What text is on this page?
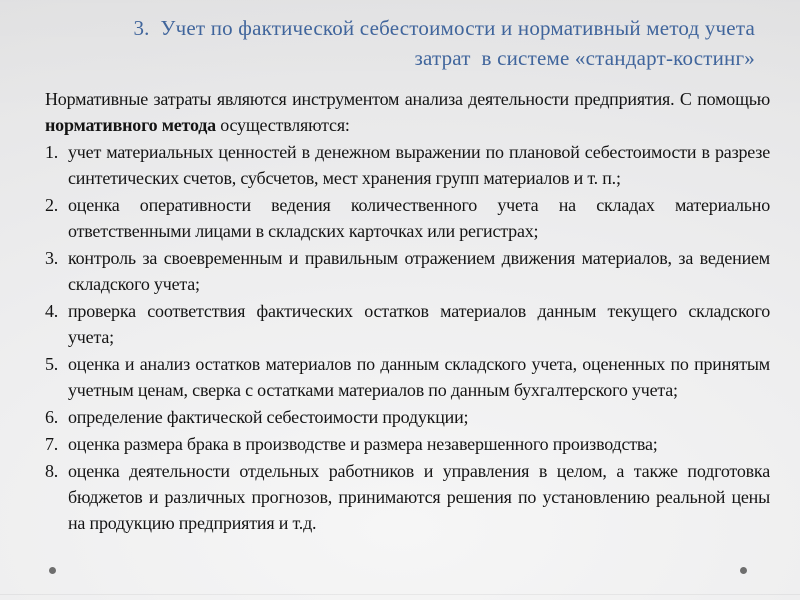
3.  Учет по фактической себестоимости и нормативный метод учета
затрат  в системе «стандарт-костинг»

Нормативные затраты являются инструментом анализа деятельности предприятия. С помощью нормативного метода осуществляются:

1. учет материальных ценностей в денежном выражении по плановой себестоимости в разрезе синтетических счетов, субсчетов, мест хранения групп материалов и т. п.;
2. оценка оперативности ведения количественного учета на складах материально ответственными лицами в складских карточках или регистрах;
3. контроль за своевременным и правильным отражением движения материалов, за ведением складского учета;
4. проверка соответствия фактических остатков материалов данным текущего складского учета;
5. оценка и анализ остатков материалов по данным складского учета, оцененных по принятым учетным ценам, сверка с остатками материалов по данным бухгалтерского учета;
6. определение фактической себестоимости продукции;
7. оценка размера брака в производстве и размера незавершенного производства;
8. оценка деятельности отдельных работников и управления в целом, а также подготовка бюджетов и различных прогнозов, принимаются решения по установлению реальной цены на продукцию предприятия и т.д.
